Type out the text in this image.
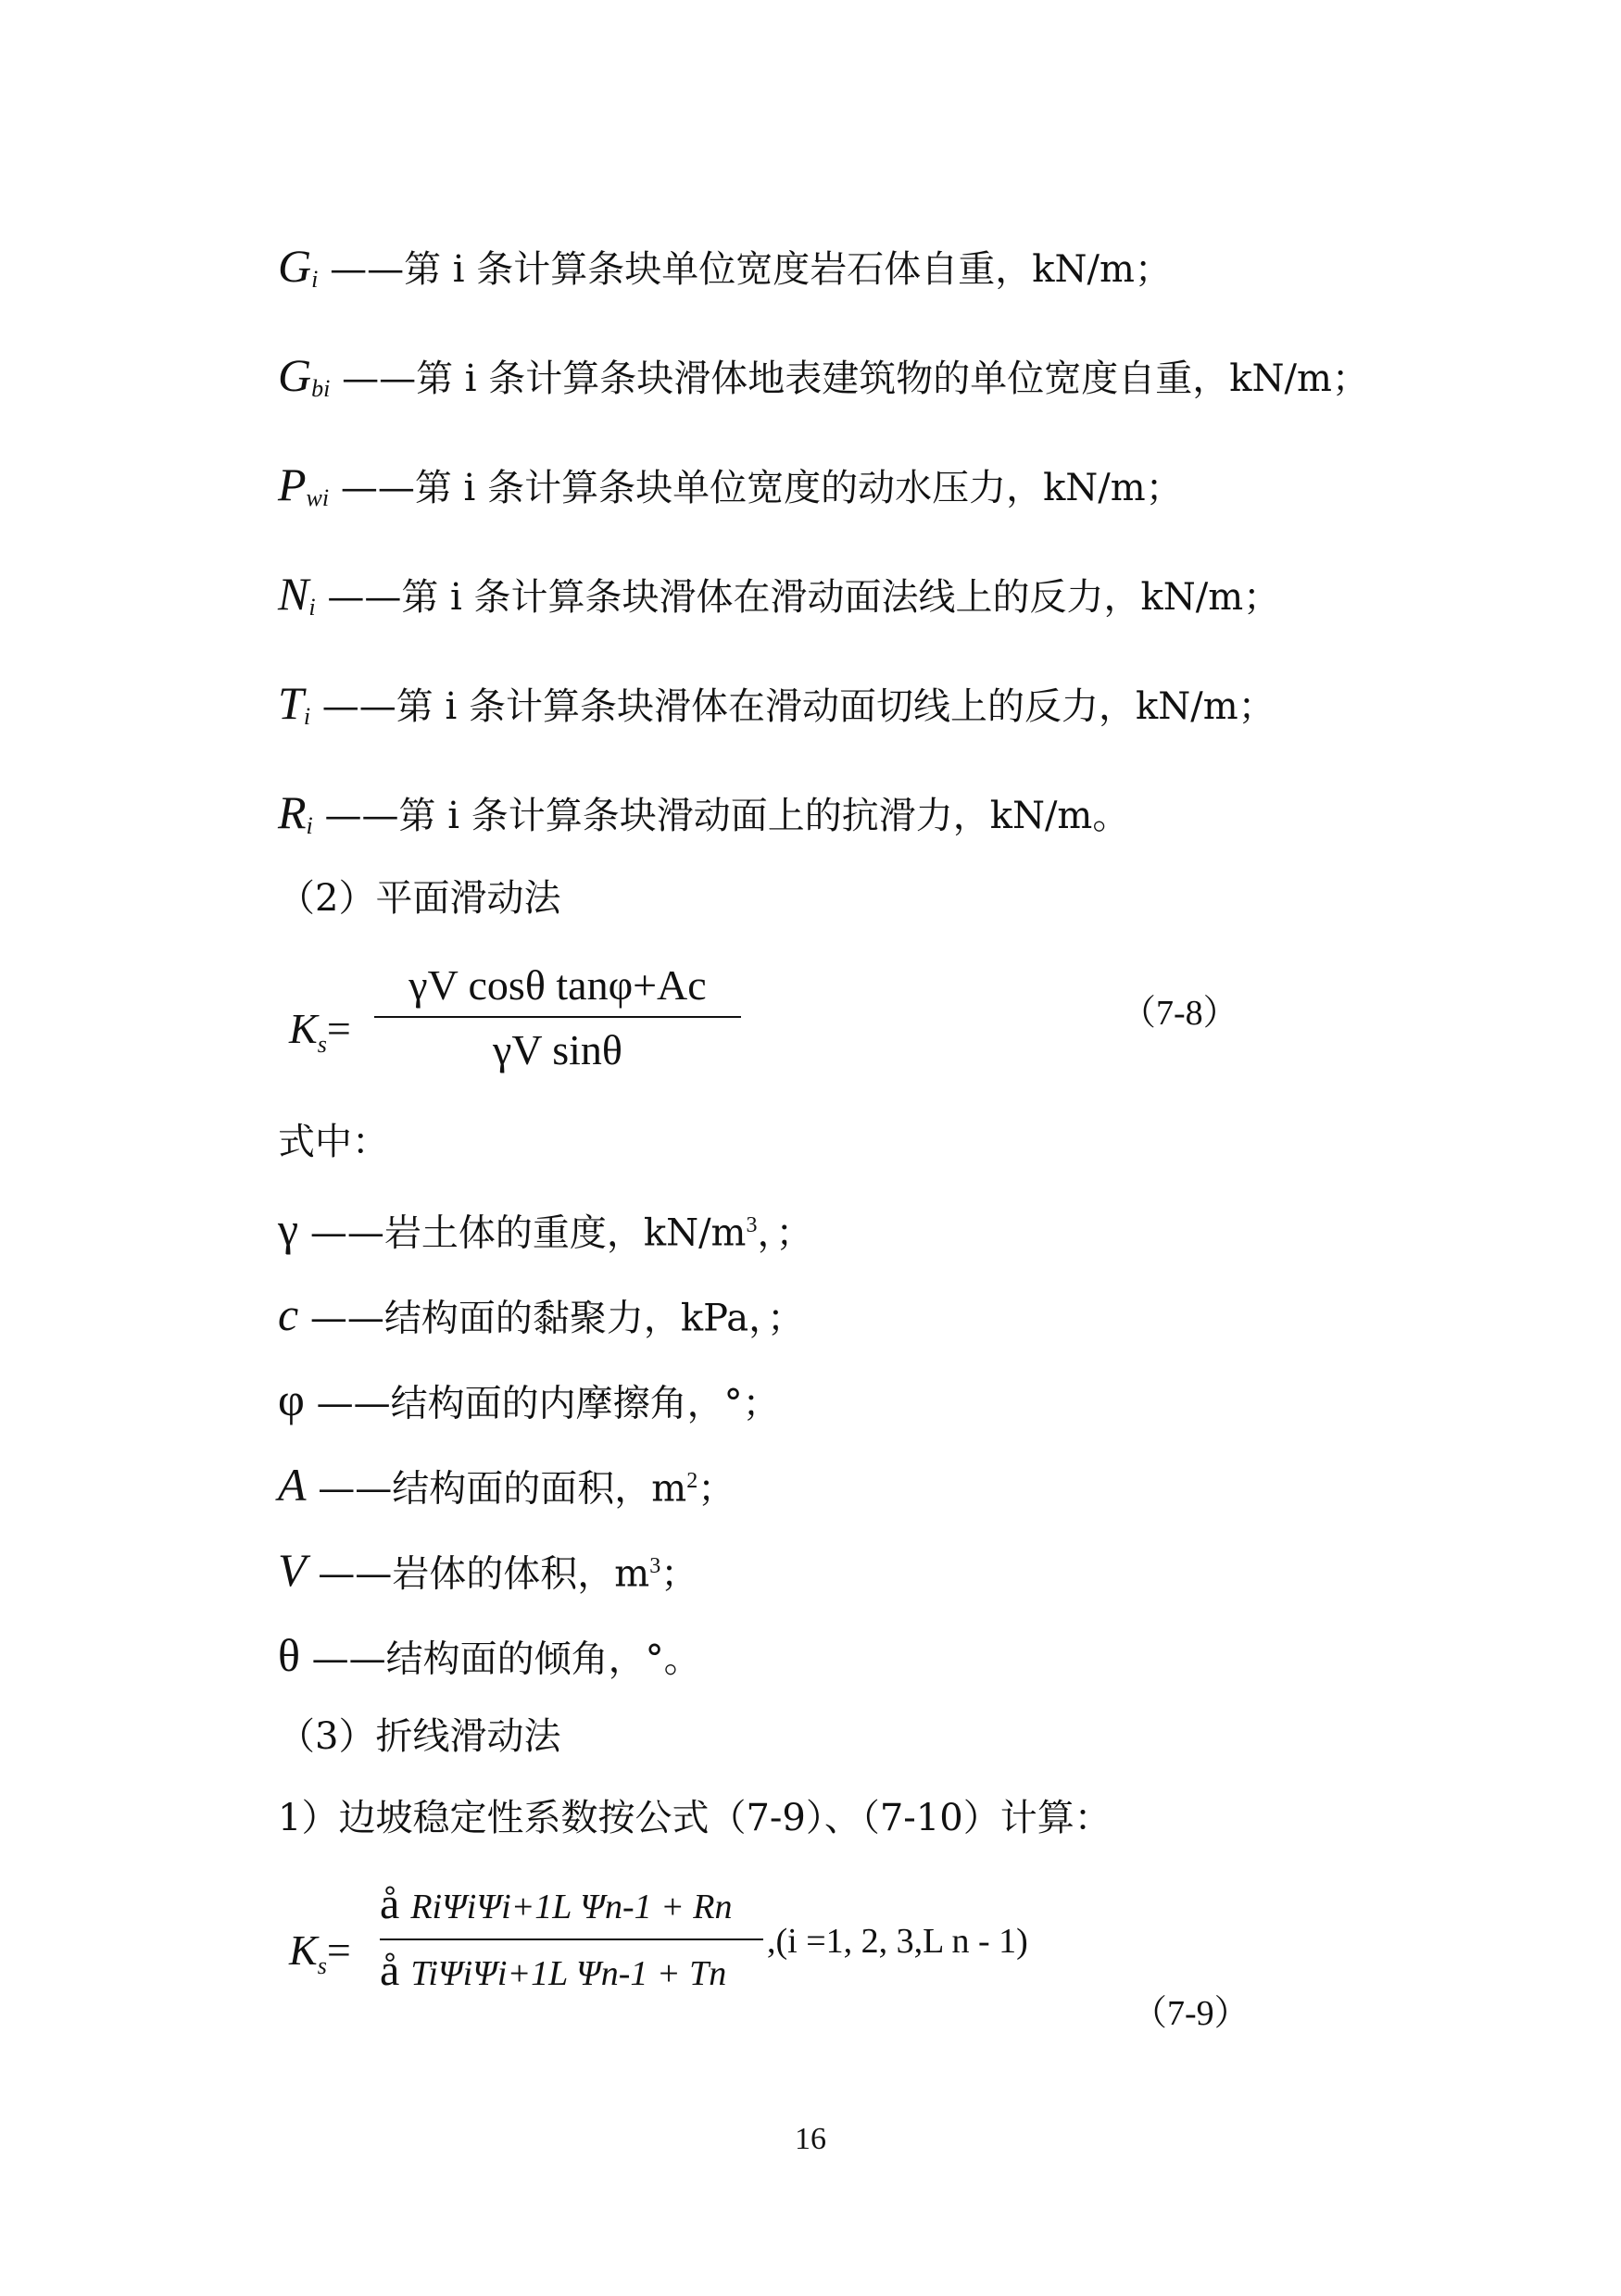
$G_i$ ——第 i 条计算条块单位宽度岩石体自重，kN/m；
$G_{bi}$ ——第 i 条计算条块滑体地表建筑物的单位宽度自重，kN/m；
$P_{wi}$ ——第 i 条计算条块单位宽度的动水压力，kN/m；
$N_i$ ——第 i 条计算条块滑体在滑动面法线上的反力，kN/m；
$T_i$ ——第 i 条计算条块滑体在滑动面切线上的反力，kN/m；
$R_i$ ——第 i 条计算条块滑动面上的抗滑力，kN/m。
（2）平面滑动法
$K_s=$
γV cosθ tanφ+Ac
γV sinθ
（7-8）
式中：
γ ——岩土体的重度，$kN/m^3$，；
c ——结构面的黏聚力，kPa，；
φ ——结构面的内摩擦角，°；
A ——结构面的面积，$m^2$；
V ——岩体的体积，$m^3$；
θ ——结构面的倾角，°。
（3）折线滑动法
1）边坡稳定性系数按公式（7-9）、（7-10）计算：
$K_s=$
å RiΨiΨi+1L Ψn-1 + Rn
å TiΨiΨi+1L Ψn-1 + Tn
,(i =1, 2, 3,L n - 1)
（7-9）
16
